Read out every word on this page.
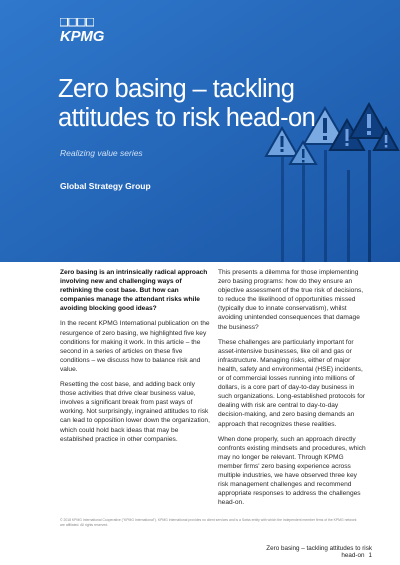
KPMG
Zero basing – tackling attitudes to risk head-on
Realizing value series
Global Strategy Group

Zero basing is an intrinsically radical approach involving new and challenging ways of rethinking the cost base. But how can companies manage the attendant risks while avoiding blocking good ideas?

In the recent KPMG International publication on the resurgence of zero basing, we highlighted five key conditions for making it work. In this article – the second in a series of articles on these five conditions – we discuss how to balance risk and value.

Resetting the cost base, and adding back only those activities that drive clear business value, involves a significant break from past ways of working. Not surprisingly, ingrained attitudes to risk can lead to opposition lower down the organization, which could hold back ideas that may be established practice in other companies.

This presents a dilemma for those implementing zero basing programs: how do they ensure an objective assessment of the true risk of decisions, to reduce the likelihood of opportunities missed (typically due to innate conservatism), whilst avoiding unintended consequences that damage the business?

These challenges are particularly important for asset-intensive businesses, like oil and gas or infrastructure. Managing risks, either of major health, safety and environmental (HSE) incidents, or of commercial losses running into millions of dollars, is a core part of day-to-day business in such organizations. Long-established protocols for dealing with risk are central to day-to-day decision-making, and zero basing demands an approach that recognizes these realities.

When done properly, such an approach directly confronts existing mindsets and procedures, which may no longer be relevant. Through KPMG member firms' zero basing experience across multiple industries, we have observed three key risk management challenges and recommend appropriate responses to address the challenges head-on.

© 2018 KPMG International Cooperative ("KPMG International"). KPMG International provides no client services and is a Swiss entity with which the independent member firms of the KPMG network are affiliated. All rights reserved.
Zero basing – tackling attitudes to risk head-on 1
